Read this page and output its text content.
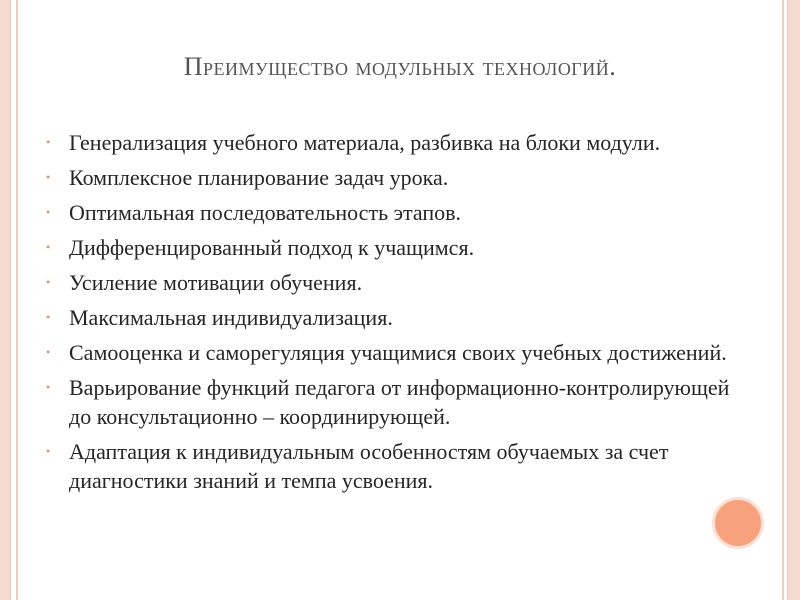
Преимущество модульных технологий.
• Генерализация учебного материала, разбивка на блоки модули.
• Комплексное планирование задач урока.
• Оптимальная последовательность этапов.
• Дифференцированный подход к учащимся.
• Усиление мотивации обучения.
• Максимальная индивидуализация.
• Самооценка и саморегуляция учащимися своих учебных достижений.
• Варьирование функций педагога от информационно-контролирующей до консультационно – координирующей.
• Адаптация к индивидуальным особенностям обучаемых за счет диагностики знаний и темпа усвоения.
